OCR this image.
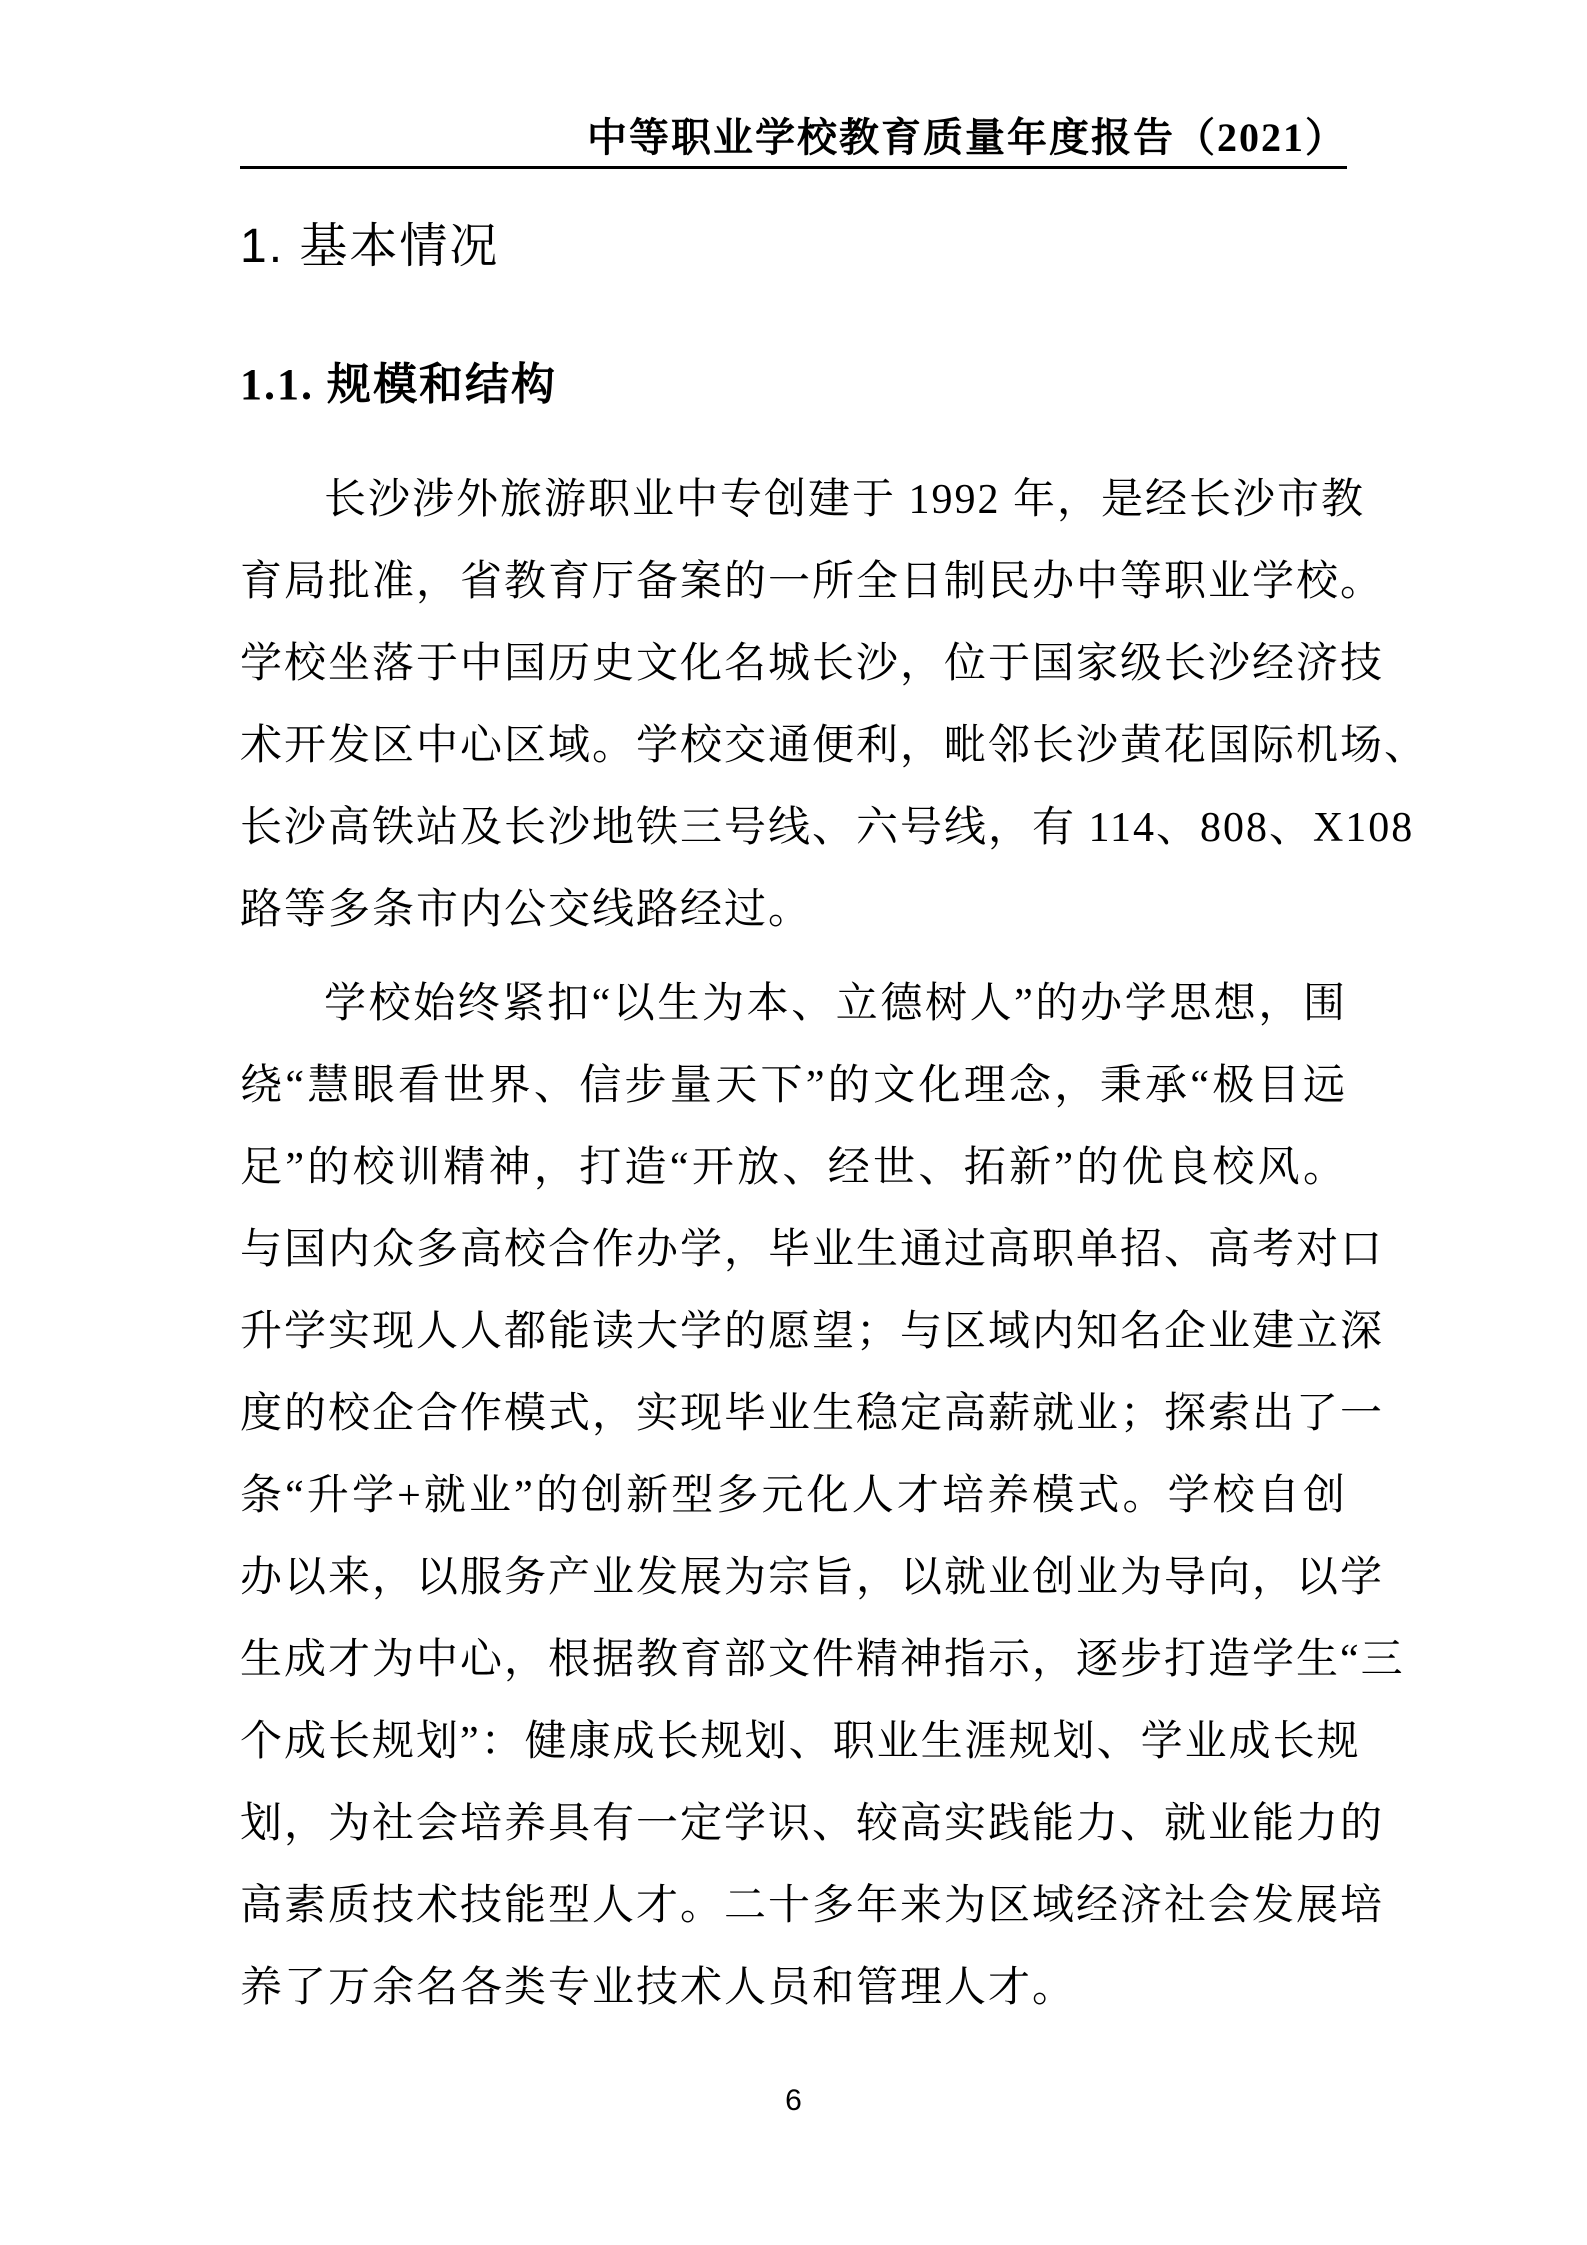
中等职业学校教育质量年度报告（2021）
1. 基本情况
1.1. 规模和结构
长沙涉外旅游职业中专创建于 1992 年，是经长沙市教
育局批准，省教育厅备案的一所全日制民办中等职业学校。
学校坐落于中国历史文化名城长沙，位于国家级长沙经济技
术开发区中心区域。学校交通便利，毗邻长沙黄花国际机场、
长沙高铁站及长沙地铁三号线、六号线，有 114、808、X108
路等多条市内公交线路经过。
学校始终紧扣“以生为本、立德树人”的办学思想，围
绕“慧眼看世界、信步量天下”的文化理念，秉承“极目远
足”的校训精神，打造“开放、经世、拓新”的优良校风。
与国内众多高校合作办学，毕业生通过高职单招、高考对口
升学实现人人都能读大学的愿望；与区域内知名企业建立深
度的校企合作模式，实现毕业生稳定高薪就业；探索出了一
条“升学+就业”的创新型多元化人才培养模式。学校自创
办以来，以服务产业发展为宗旨，以就业创业为导向，以学
生成才为中心，根据教育部文件精神指示，逐步打造学生“三
个成长规划”：健康成长规划、职业生涯规划、学业成长规
划，为社会培养具有一定学识、较高实践能力、就业能力的
高素质技术技能型人才。二十多年来为区域经济社会发展培
养了万余名各类专业技术人员和管理人才。
6
